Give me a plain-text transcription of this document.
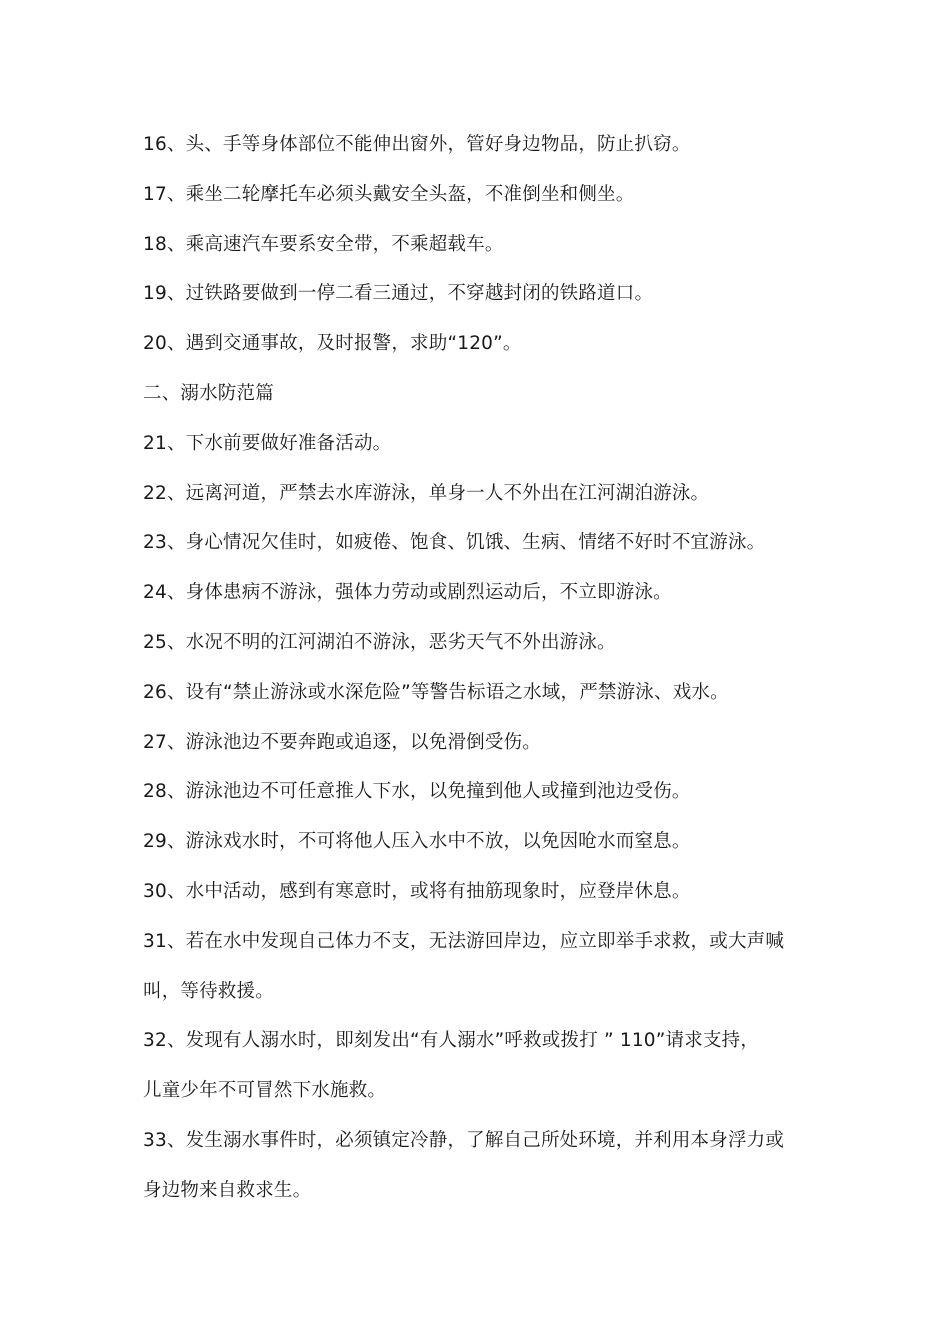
16、头、手等身体部位不能伸出窗外，管好身边物品，防止扒窃。
17、乘坐二轮摩托车必须头戴安全头盔，不准倒坐和侧坐。
18、乘高速汽车要系安全带，不乘超载车。
19、过铁路要做到一停二看三通过，不穿越封闭的铁路道口。
20、遇到交通事故，及时报警，求助“120”。
二、溺水防范篇
21、下水前要做好准备活动。
22、远离河道，严禁去水库游泳，单身一人不外出在江河湖泊游泳。
23、身心情况欠佳时，如疲倦、饱食、饥饿、生病、情绪不好时不宜游泳。
24、身体患病不游泳，强体力劳动或剧烈运动后，不立即游泳。
25、水况不明的江河湖泊不游泳，恶劣天气不外出游泳。
26、设有“禁止游泳或水深危险”等警告标语之水域，严禁游泳、戏水。
27、游泳池边不要奔跑或追逐，以免滑倒受伤。
28、游泳池边不可任意推人下水，以免撞到他人或撞到池边受伤。
29、游泳戏水时，不可将他人压入水中不放，以免因呛水而窒息。
30、水中活动，感到有寒意时，或将有抽筋现象时，应登岸休息。
31、若在水中发现自己体力不支，无法游回岸边，应立即举手求救，或大声喊
叫，等待救援。
32、发现有人溺水时，即刻发出“有人溺水”呼救或拨打 ” 110”请求支持，
儿童少年不可冒然下水施救。
33、发生溺水事件时，必须镇定冷静，了解自己所处环境，并利用本身浮力或
身边物来自救求生。
